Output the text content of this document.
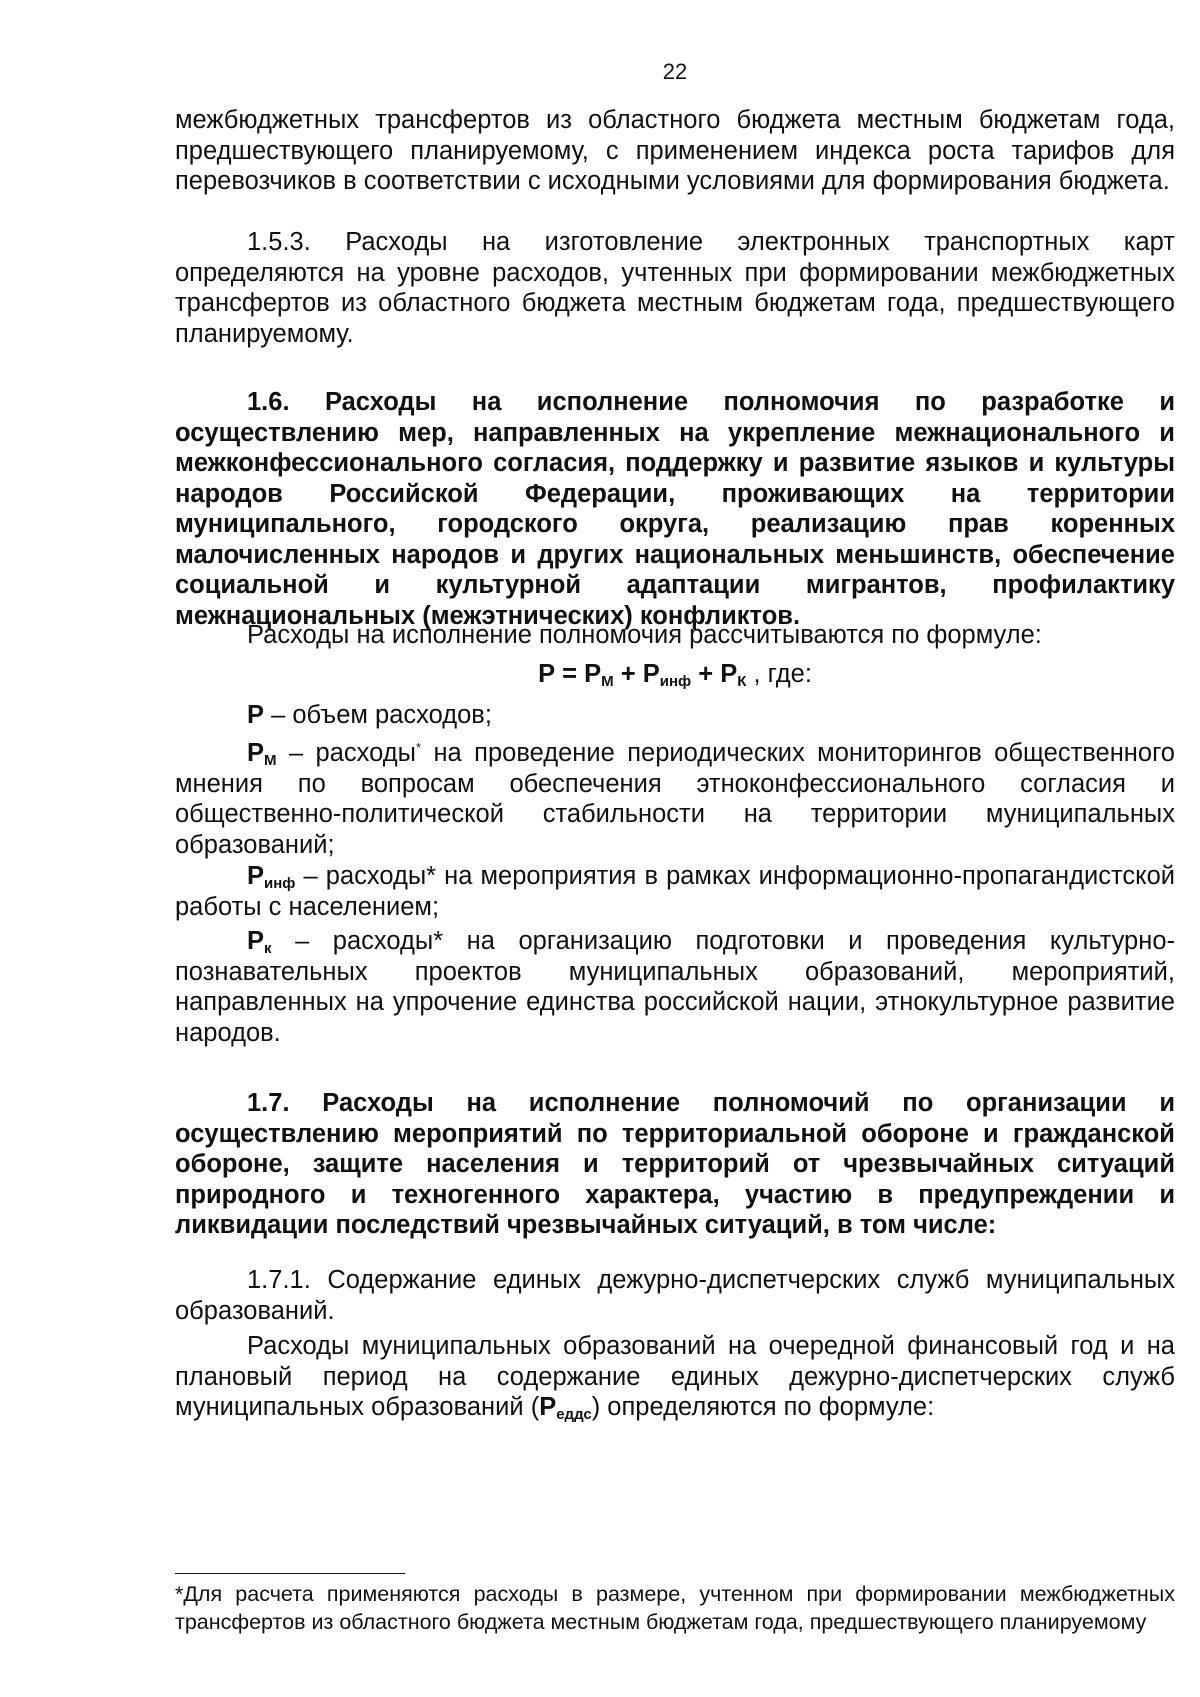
22

межбюджетных трансфертов из областного бюджета местным бюджетам года, предшествующего планируемому, с применением индекса роста тарифов для перевозчиков в соответствии с исходными условиями для формирования бюджета.

1.5.3. Расходы на изготовление электронных транспортных карт определяются на уровне расходов, учтенных при формировании межбюджетных трансфертов из областного бюджета местным бюджетам года, предшествующего планируемому.

1.6. Расходы на исполнение полномочия по разработке и осуществлению мер, направленных на укрепление межнационального и межконфессионального согласия, поддержку и развитие языков и культуры народов Российской Федерации, проживающих на территории муниципального, городского округа, реализацию прав коренных малочисленных народов и других национальных меньшинств, обеспечение социальной и культурной адаптации мигрантов, профилактику межнациональных (межэтнических) конфликтов.

Расходы на исполнение полномочия рассчитываются по формуле:

$Р = Р_М + Р_{инф} + Р_К$ , где:

Р – объем расходов;

$Р_М$ – расходы* на проведение периодических мониторингов общественного мнения по вопросам обеспечения этноконфессионального согласия и общественно-политической стабильности на территории муниципальных образований;

$Р_{инф}$ – расходы* на мероприятия в рамках информационно-пропагандистской работы с населением;

$Р_к$ – расходы* на организацию подготовки и проведения культурно-познавательных проектов муниципальных образований, мероприятий, направленных на упрочение единства российской нации, этнокультурное развитие народов.

1.7. Расходы на исполнение полномочий по организации и осуществлению мероприятий по территориальной обороне и гражданской обороне, защите населения и территорий от чрезвычайных ситуаций природного и техногенного характера, участию в предупреждении и ликвидации последствий чрезвычайных ситуаций, в том числе:

1.7.1. Содержание единых дежурно-диспетчерских служб муниципальных образований.

Расходы муниципальных образований на очередной финансовый год и на плановый период на содержание единых дежурно-диспетчерских служб муниципальных образований $(Р_{еддс})$ определяются по формуле:

*Для расчета применяются расходы в размере, учтенном при формировании межбюджетных трансфертов из областного бюджета местным бюджетам года, предшествующего планируемому
